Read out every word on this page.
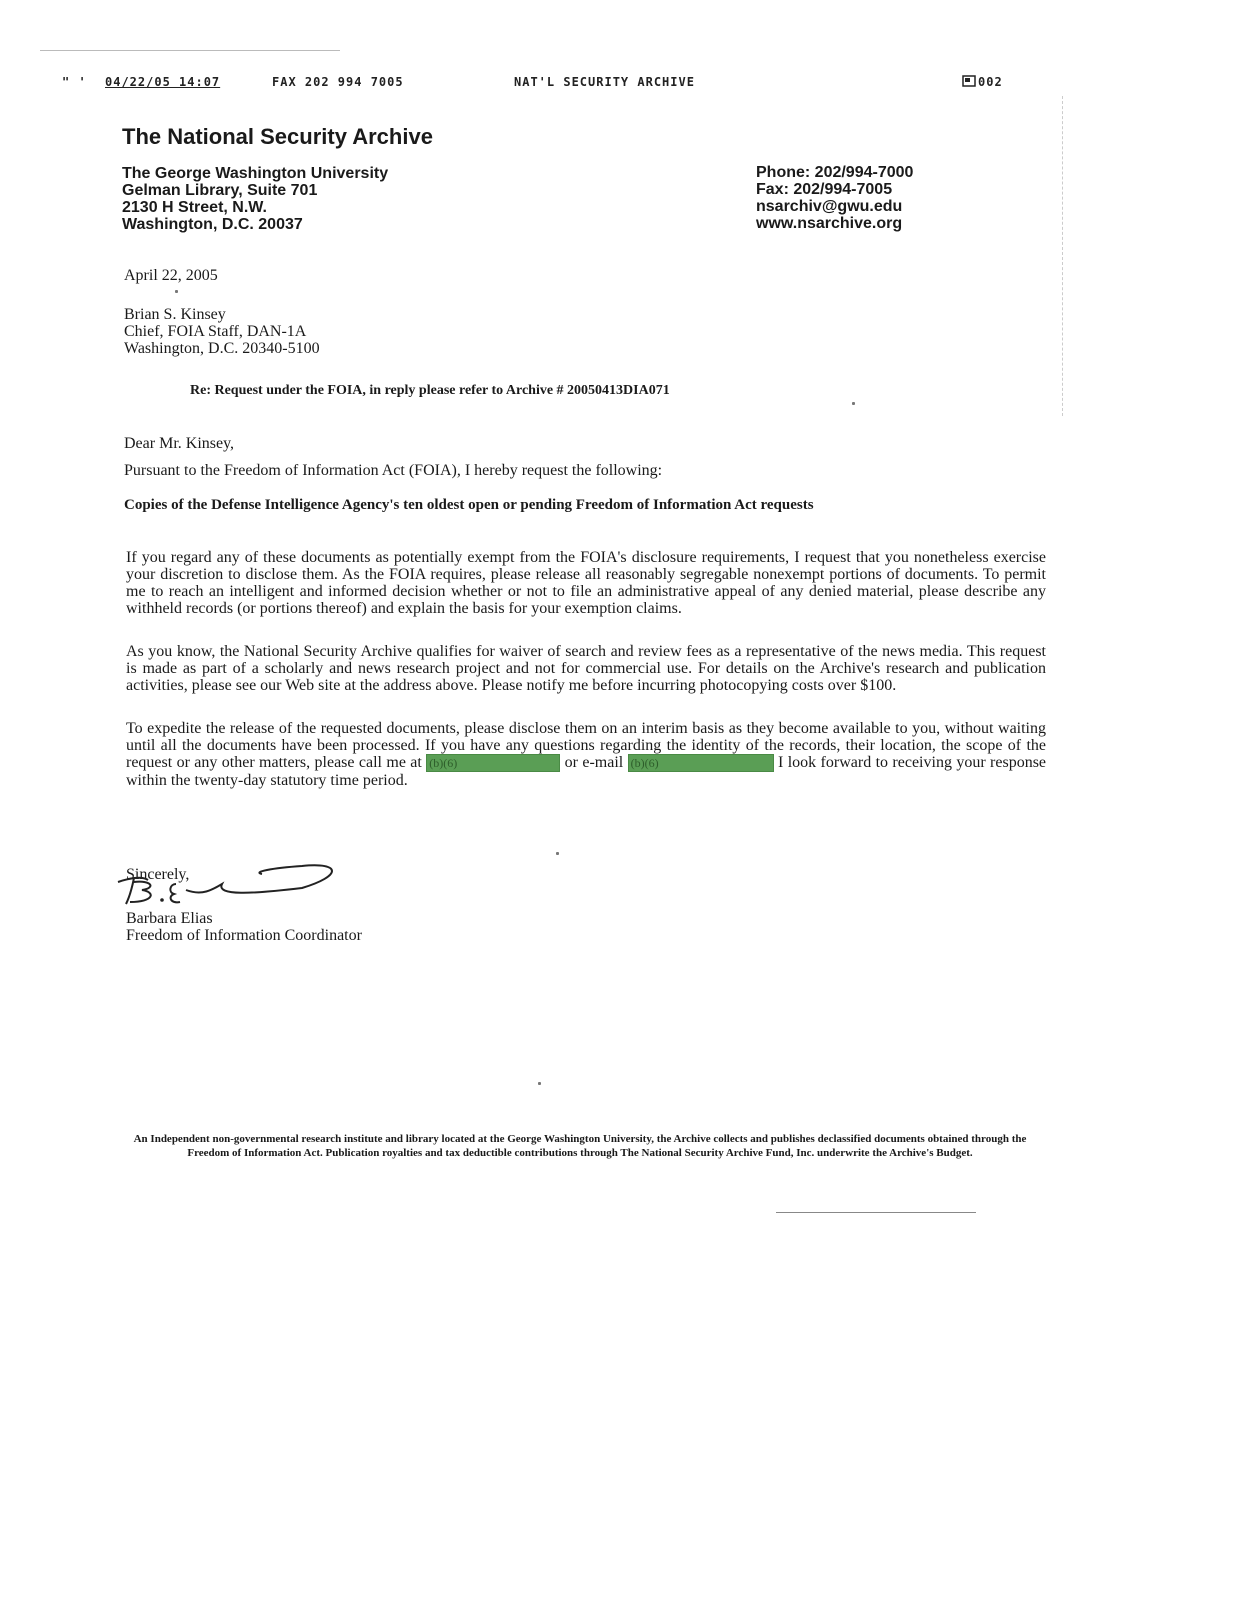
" ' 04/22/05 14:07	FAX 202 994 7005	NAT'L SECURITY ARCHIVE	002
The National Security Archive
The George Washington University
Gelman Library, Suite 701
2130 H Street, N.W.
Washington, D.C. 20037
Phone: 202/994-7000
Fax: 202/994-7005
nsarchiv@gwu.edu
www.nsarchive.org
April 22, 2005
Brian S. Kinsey
Chief, FOIA Staff, DAN-1A
Washington, D.C. 20340-5100
Re: Request under the FOIA, in reply please refer to Archive # 20050413DIA071
Dear Mr. Kinsey,
Pursuant to the Freedom of Information Act (FOIA), I hereby request the following:
Copies of the Defense Intelligence Agency's ten oldest open or pending Freedom of Information Act requests
If you regard any of these documents as potentially exempt from the FOIA's disclosure requirements, I request that you nonetheless exercise your discretion to disclose them. As the FOIA requires, please release all reasonably segregable nonexempt portions of documents. To permit me to reach an intelligent and informed decision whether or not to file an administrative appeal of any denied material, please describe any withheld records (or portions thereof) and explain the basis for your exemption claims.
As you know, the National Security Archive qualifies for waiver of search and review fees as a representative of the news media. This request is made as part of a scholarly and news research project and not for commercial use. For details on the Archive's research and publication activities, please see our Web site at the address above. Please notify me before incurring photocopying costs over $100.
To expedite the release of the requested documents, please disclose them on an interim basis as they become available to you, without waiting until all the documents have been processed. If you have any questions regarding the identity of the records, their location, the scope of the request or any other matters, please call me at (b)(6)	or e-mail (b)(6)	I look forward to receiving your response within the twenty-day statutory time period.
Sincerely,
Barbara Elias
Freedom of Information Coordinator
An Independent non-governmental research institute and library located at the George Washington University, the Archive collects and publishes declassified documents obtained through the Freedom of Information Act. Publication royalties and tax deductible contributions through The National Security Archive Fund, Inc. underwrite the Archive's Budget.
